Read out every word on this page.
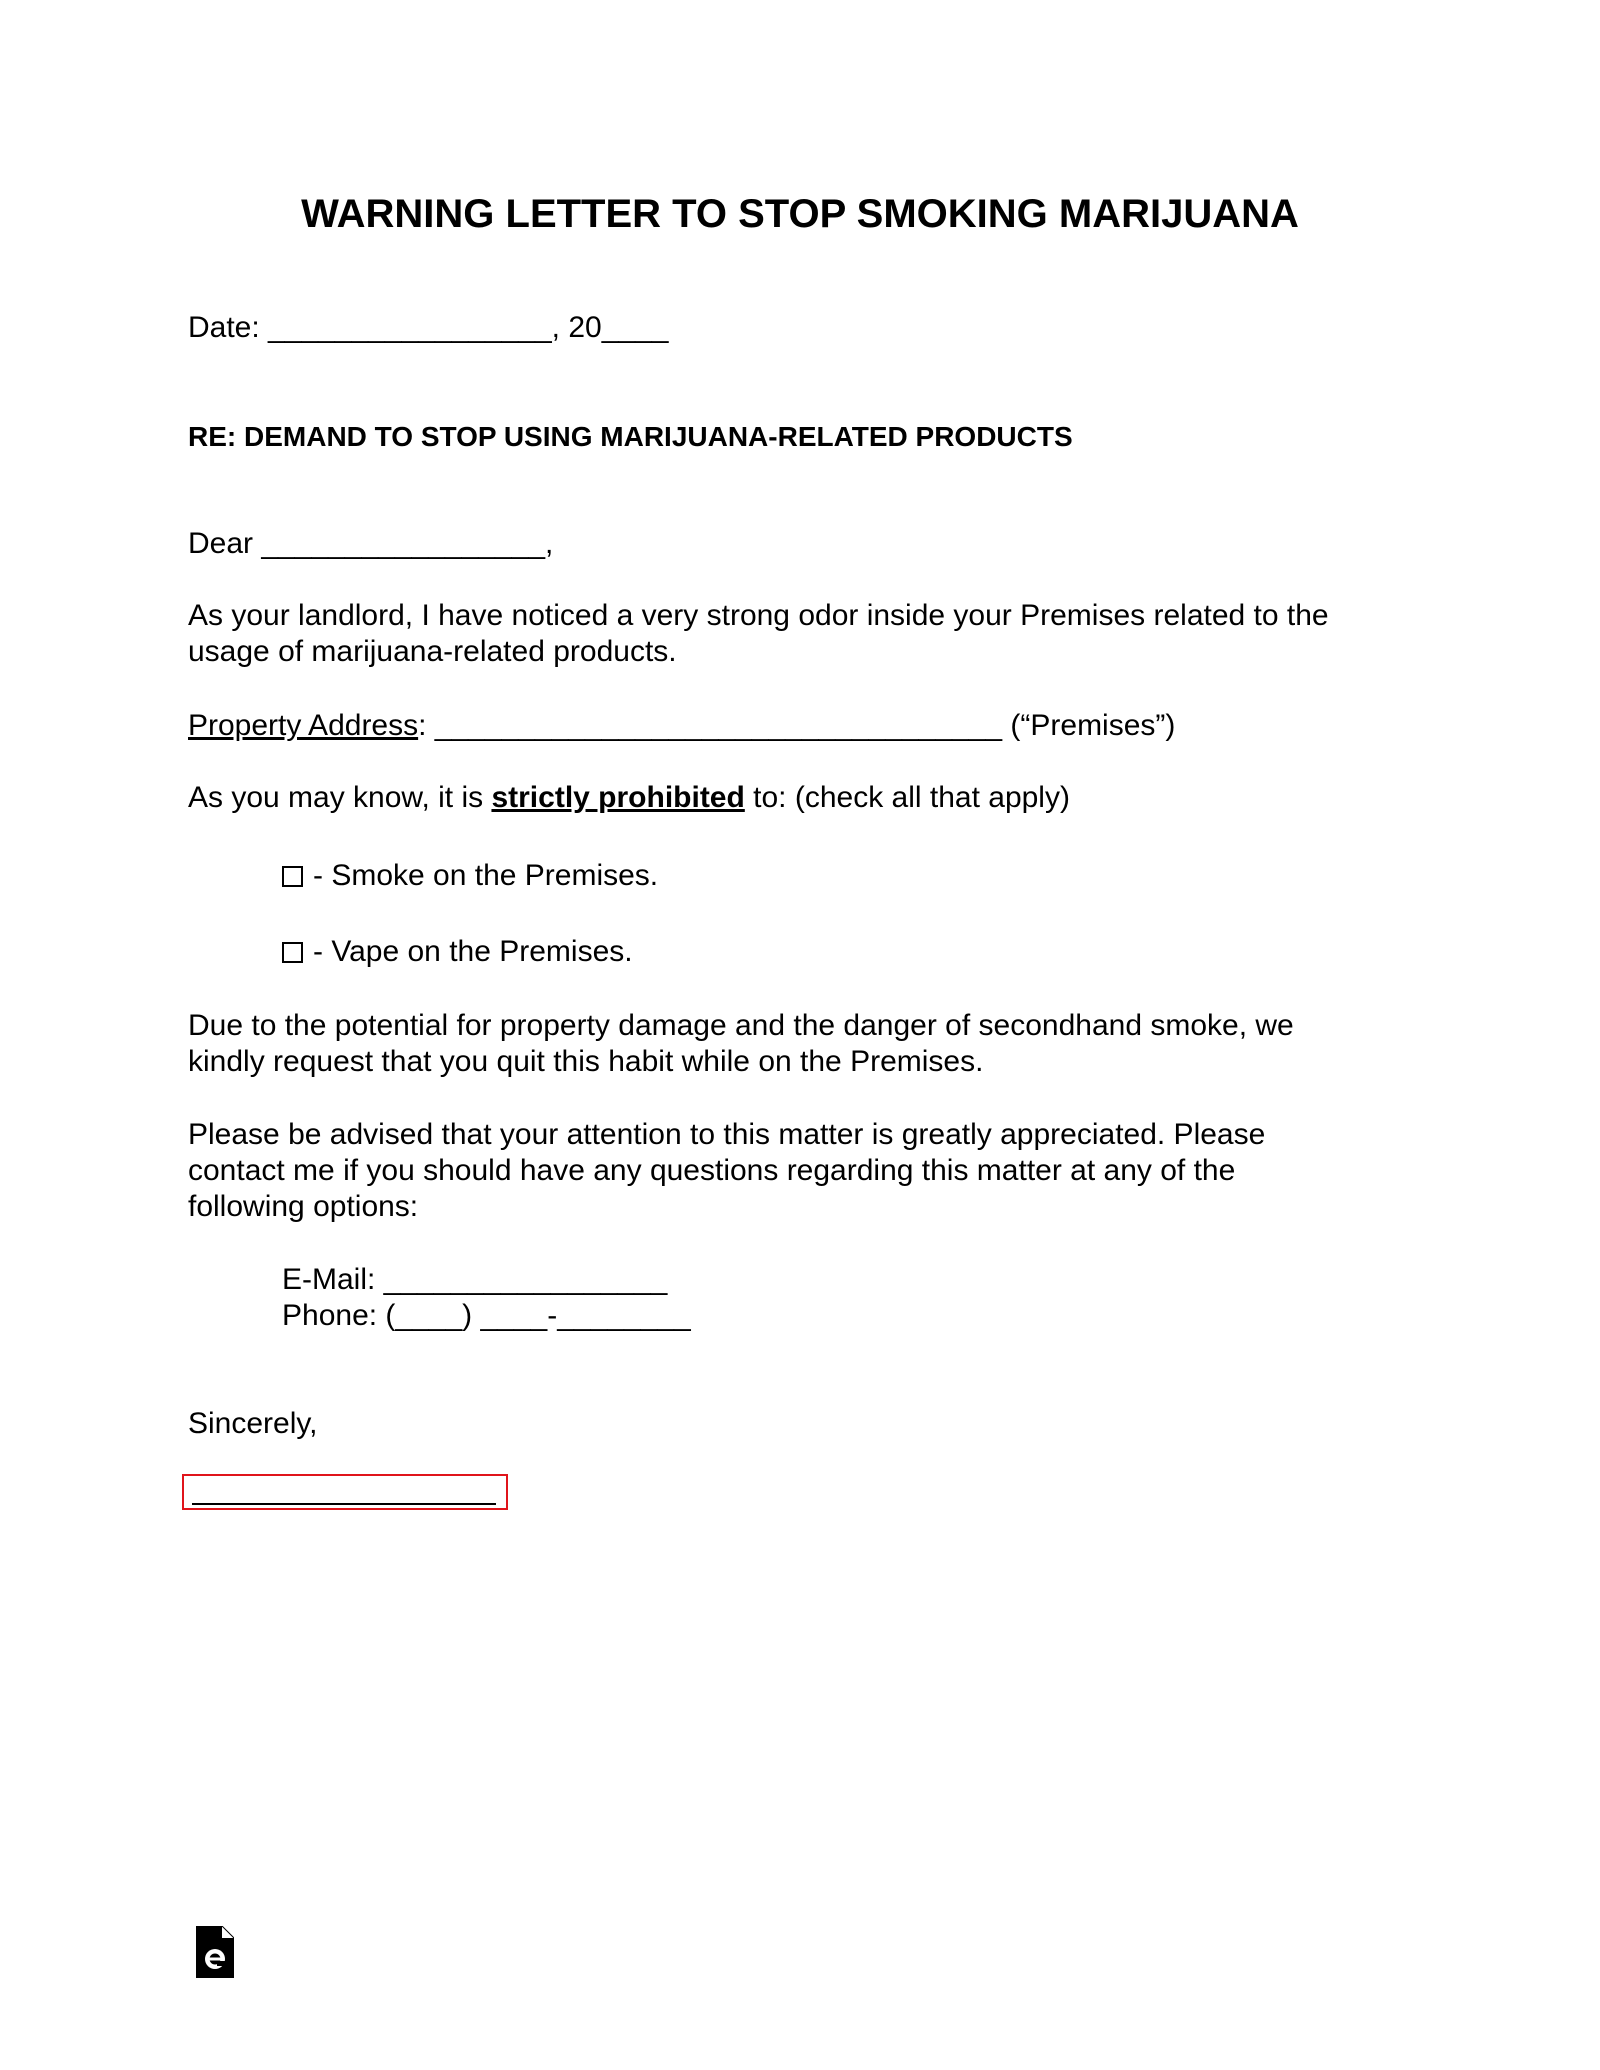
WARNING LETTER TO STOP SMOKING MARIJUANA

Date: _________________, 20____

RE: DEMAND TO STOP USING MARIJUANA-RELATED PRODUCTS

Dear _________________,

As your landlord, I have noticed a very strong odor inside your Premises related to the

usage of marijuana-related products.

Property Address: __________________________________ (“Premises”)

As you may know, it is strictly prohibited to: (check all that apply)

- Smoke on the Premises.

- Vape on the Premises.

Due to the potential for property damage and the danger of secondhand smoke, we

kindly request that you quit this habit while on the Premises.

Please be advised that your attention to this matter is greatly appreciated. Please

contact me if you should have any questions regarding this matter at any of the

following options:

E-Mail: _________________

Phone: (____) ____-________

Sincerely,
